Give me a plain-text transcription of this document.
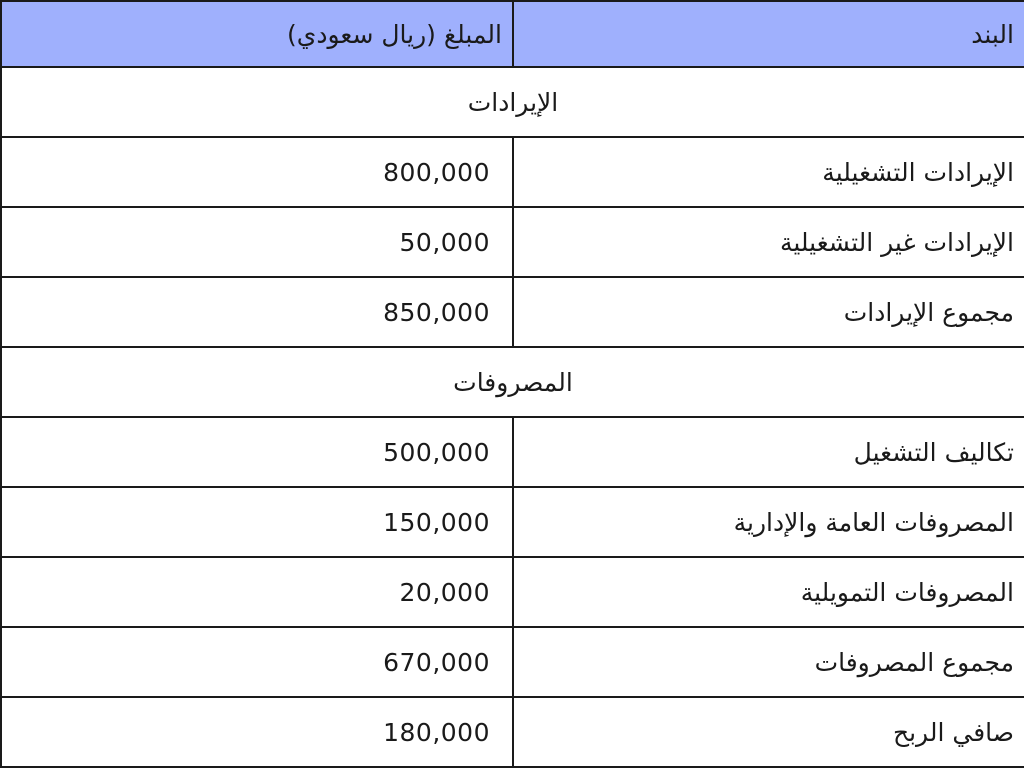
البند	المبلغ (ريال سعودي)
الإيرادات	
الإيرادات التشغيلية	800,000
الإيرادات غير التشغيلية	50,000
مجموع الإيرادات	850,000
المصروفات	
تكاليف التشغيل	500,000
المصروفات العامة والإدارية	150,000
المصروفات التمويلية	20,000
مجموع المصروفات	670,000
صافي الربح	180,000
